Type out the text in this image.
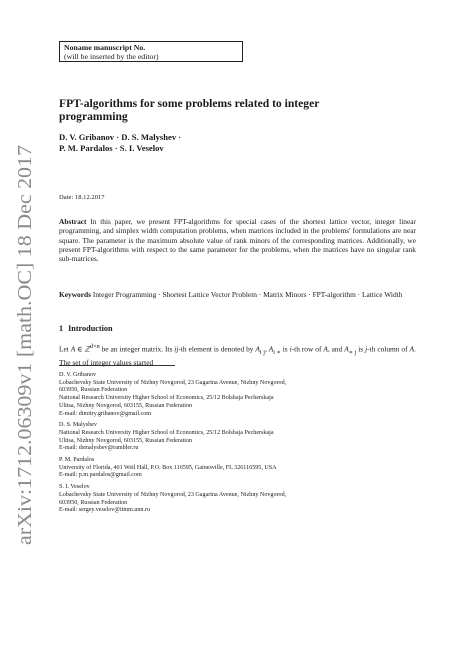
arXiv:1712.06309v1 [math.OC] 18 Dec 2017
Noname manuscript No.
(will be inserted by the editor)
FPT-algorithms for some problems related to integer
programming
D. V. Gribanov · D. S. Malyshev ·
P. M. Pardalos · S. I. Veselov
Date: 18.12.2017

Abstract In this paper, we present FPT-algorithms for special cases of the shortest lattice vector, integer linear programming, and simplex width computation problems, when matrices included in the problems' formulations are near square. The parameter is the maximum absolute value of rank minors of the corresponding matrices. Additionally, we present FPT-algorithms with respect to the same parameter for the problems, when the matrices have no singular rank sub-matrices.

Keywords Integer Programming · Shortest Lattice Vector Problem · Matrix Minors · FPT-algorithm · Lattice Width

1 Introduction

Let A ∈ ℤ$^{d\times n}$ be an integer matrix. Its ij-th element is denoted by $A_{i j}$, $A_{i ∗}$ is i-th row of A, and $A_{∗ j}$ is j-th column of A. The set of integer values started

D. V. Gribanov
Lobachevsky State University of Nizhny Novgorod, 23 Gagarina Avenue, Nizhny Novgorod,
603950, Russian Federation
National Research University Higher School of Economics, 25/12 Bolshaja Pecherskaja
Ulitsa, Nizhny Novgorod, 603155, Russian Federation
E-mail: dimitry.gribanov@gmail.com
D. S. Malyshev
National Research University Higher School of Economics, 25/12 Bolshaja Pecherskaja
Ulitsa, Nizhny Novgorod, 603155, Russian Federation
E-mail: dsmalyshev@rambler.ru
P. M. Pardalos
University of Florida, 401 Weil Hall, P.O. Box 116595, Gainesville, FL 326116595, USA
E-mail: p.m.pardalos@gmail.com
S. I. Veselov
Lobachevsky State University of Nizhny Novgorod, 23 Gagarina Avenue, Nizhny Novgorod,
603950, Russian Federation
E-mail: sergey.veselov@itmm.unn.ru
